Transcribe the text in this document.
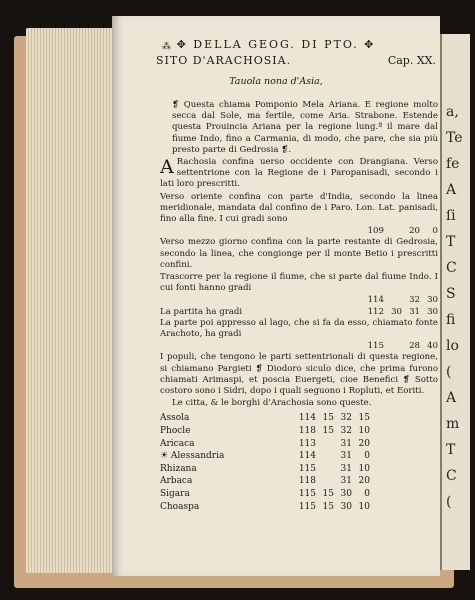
⁂ ✥ DELLA GEOG. DI PTO. ✥
SITO D'ARACHOSIA.	Cap. XX.
Tauola nona d'Asia,

❡ Questa chiama Pomponio Mela Ariana. E regione molto secca dal Sole, ma fertile, come Aria. Strabone. Estende questa Prouincia Ariana per la regione lung.ª il mare dal fiume Indo, fino a Carmania, di modo, che pare, che sia più presto parte di Gedrosia ❡.

A Rachosia confina uerso occidente con Drangiana. Verso settentrione con la Regione de i Paropanisadi, secondo i lati loro prescritti.

Verso oriente confina con parte d'India, secondo la linea meridionale, mandata dal confino de i Paro. Lon. Lat. panisadi, fino alla fine. I cui gradi sono

109	20	0

Verso mezzo giorno confina con la parte restante di Gedrosia, secondo la linea, che congionge per il monte Betio i prescritti confini.

Trascorre per la regione il fiume, che si parte dal fiume Indo. I cui fonti hanno gradi

114	32 30
La partita ha gradi	112 30 31 30

La parte poi appresso al lago, che si fa da esso, chiamato fonte Arachoto, ha gradi

115	28 40

I populi, che tengono le parti settentrionali di questa regione, si chiamano Pargieti ❡ Diodoro siculo dice, che prima furono chiamati Arimaspi, et poscia Euergeti, cioe Benefici ❡ Sotto costoro sono i Sidri, dopo i quali seguono i Ropluti, et Eoriti.

Le citta, & le borghi d'Arachosia sono queste.

Assola	114 15 32 15
Phocle	118 15 32 10
Aricaca	113	31 20
☀ Alessandria	114	31	0
Rhizana	115	31 10
Arbaca	118	31 20
Sigara	115 15 30	0
Choaspa	115 15 30 10
a,
Te
fe
A
ſi
T
C
S
fi
lo
(
A
m
T
C
(
